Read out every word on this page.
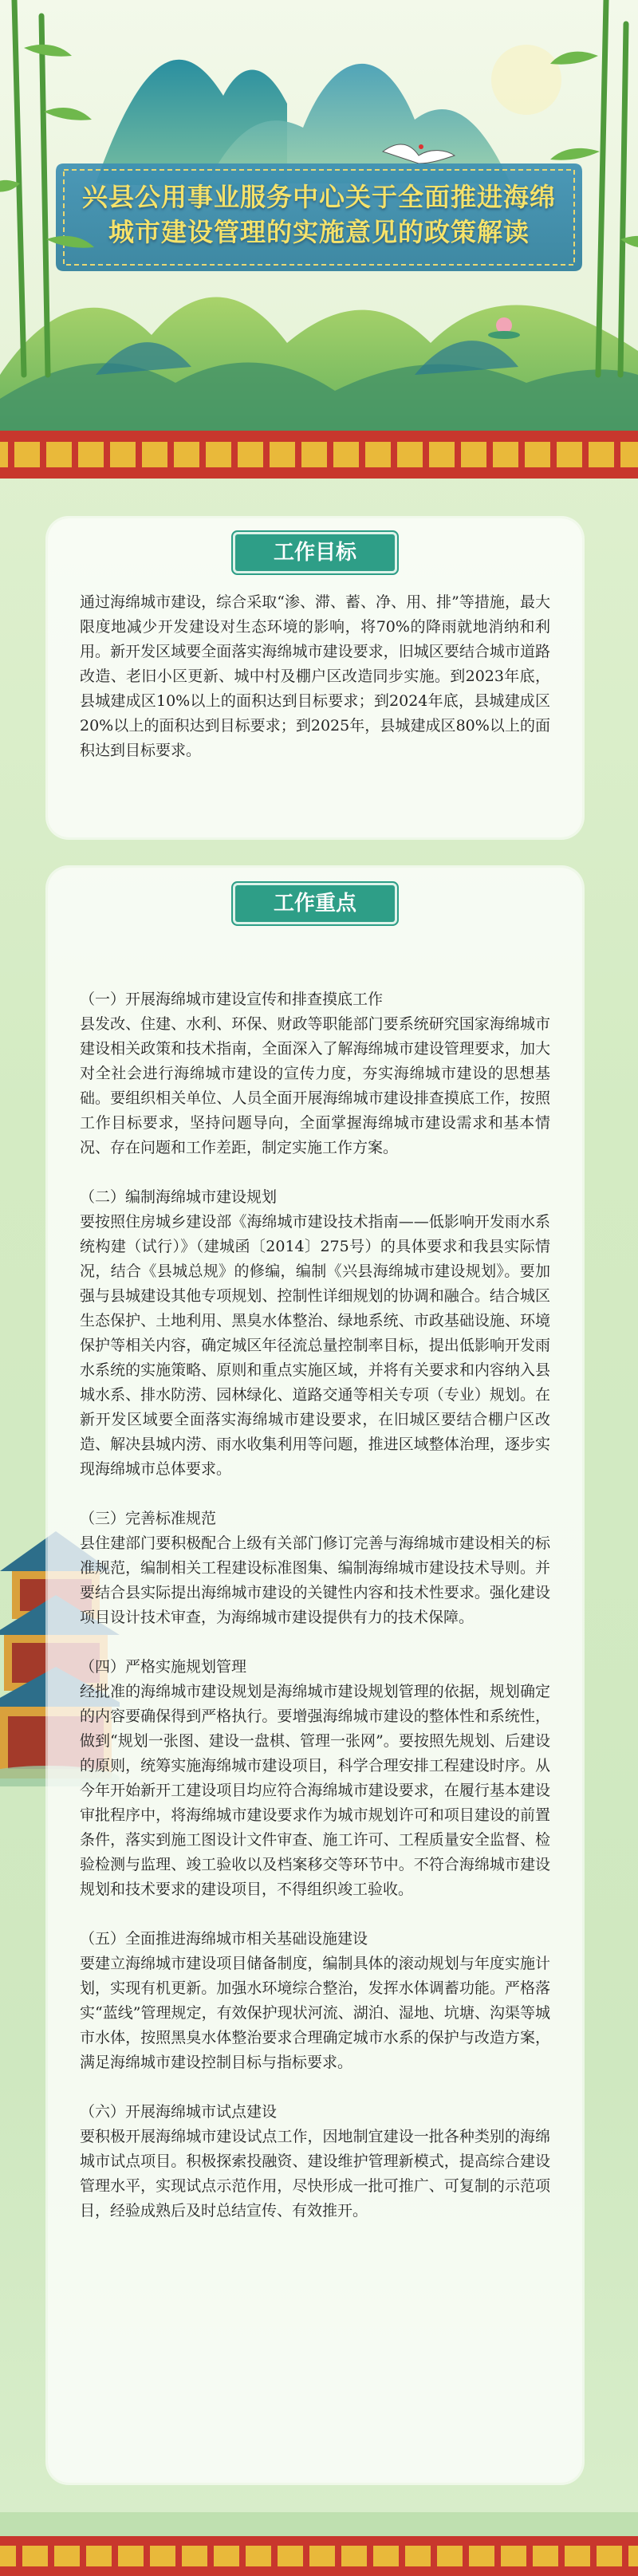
兴县公用事业服务中心关于全面推进海绵
城市建设管理的实施意见的政策解读
工作目标
通过海绵城市建设，综合采取“渗、滞、蓄、净、用、排”等措施，最大限度地减少开发建设对生态环境的影响，将70%的降雨就地消纳和利用。新开发区域要全面落实海绵城市建设要求，旧城区要结合城市道路改造、老旧小区更新、城中村及棚户区改造同步实施。到2023年底，县城建成区10%以上的面积达到目标要求；到2024年底，县城建成区20%以上的面积达到目标要求；到2025年，县城建成区80%以上的面积达到目标要求。
工作重点

（一）开展海绵城市建设宣传和排查摸底工作
县发改、住建、水利、环保、财政等职能部门要系统研究国家海绵城市建设相关政策和技术指南，全面深入了解海绵城市建设管理要求，加大对全社会进行海绵城市建设的宣传力度，夯实海绵城市建设的思想基础。要组织相关单位、人员全面开展海绵城市建设排查摸底工作，按照工作目标要求，坚持问题导向，全面掌握海绵城市建设需求和基本情况、存在问题和工作差距，制定实施工作方案。

（二）编制海绵城市建设规划
要按照住房城乡建设部《海绵城市建设技术指南——低影响开发雨水系统构建（试行）》（建城函〔2014〕275号）的具体要求和我县实际情况，结合《县城总规》的修编，编制《兴县海绵城市建设规划》。要加强与县城建设其他专项规划、控制性详细规划的协调和融合。结合城区生态保护、土地利用、黑臭水体整治、绿地系统、市政基础设施、环境保护等相关内容，确定城区年径流总量控制率目标，提出低影响开发雨水系统的实施策略、原则和重点实施区域，并将有关要求和内容纳入县城水系、排水防涝、园林绿化、道路交通等相关专项（专业）规划。在新开发区域要全面落实海绵城市建设要求，在旧城区要结合棚户区改造、解决县城内涝、雨水收集利用等问题，推进区域整体治理，逐步实现海绵城市总体要求。

（三）完善标准规范
县住建部门要积极配合上级有关部门修订完善与海绵城市建设相关的标准规范，编制相关工程建设标准图集、编制海绵城市建设技术导则。并要结合县实际提出海绵城市建设的关键性内容和技术性要求。强化建设项目设计技术审查，为海绵城市建设提供有力的技术保障。

（四）严格实施规划管理
经批准的海绵城市建设规划是海绵城市建设规划管理的依据，规划确定的内容要确保得到严格执行。要增强海绵城市建设的整体性和系统性，做到“规划一张图、建设一盘棋、管理一张网”。要按照先规划、后建设的原则，统筹实施海绵城市建设项目，科学合理安排工程建设时序。从今年开始新开工建设项目均应符合海绵城市建设要求，在履行基本建设审批程序中，将海绵城市建设要求作为城市规划许可和项目建设的前置条件，落实到施工图设计文件审查、施工许可、工程质量安全监督、检验检测与监理、竣工验收以及档案移交等环节中。不符合海绵城市建设规划和技术要求的建设项目，不得组织竣工验收。

（五）全面推进海绵城市相关基础设施建设
要建立海绵城市建设项目储备制度，编制具体的滚动规划与年度实施计划，实现有机更新。加强水环境综合整治，发挥水体调蓄功能。严格落实“蓝线”管理规定，有效保护现状河流、湖泊、湿地、坑塘、沟渠等城市水体，按照黑臭水体整治要求合理确定城市水系的保护与改造方案，满足海绵城市建设控制目标与指标要求。

（六）开展海绵城市试点建设
要积极开展海绵城市建设试点工作，因地制宜建设一批各种类别的海绵城市试点项目。积极探索投融资、建设维护管理新模式，提高综合建设管理水平，实现试点示范作用，尽快形成一批可推广、可复制的示范项目，经验成熟后及时总结宣传、有效推开。
